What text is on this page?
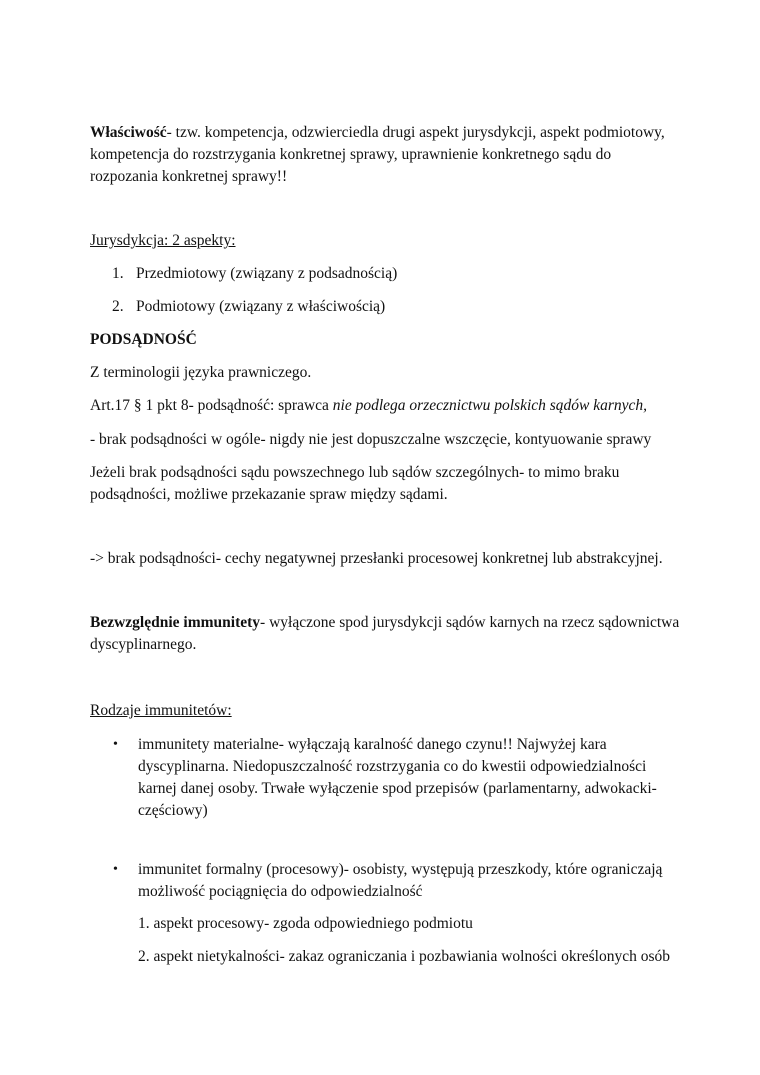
Właściwość- tzw. kompetencja, odzwierciedla drugi aspekt jurysdykcji, aspekt podmiotowy, kompetencja do rozstrzygania konkretnej sprawy, uprawnienie konkretnego sądu do rozpozania konkretnej sprawy!!

Jurysdykcja: 2 aspekty:

1. Przedmiotowy (związany z podsadnością)
2. Podmiotowy (związany z właściwością)

PODSĄDNOŚĆ

Z terminologii języka prawniczego.

Art.17 § 1 pkt 8- podsądność: sprawca nie podlega orzecznictwu polskich sądów karnych,

- brak podsądności w ogóle- nigdy nie jest dopuszczalne wszczęcie, kontyuowanie sprawy

Jeżeli brak podsądności sądu powszechnego lub sądów szczególnych- to mimo braku podsądności, możliwe przekazanie spraw między sądami.

-> brak podsądności- cechy negatywnej przesłanki procesowej konkretnej lub abstrakcyjnej.

Bezwzględnie immunitety- wyłączone spod jurysdykcji sądów karnych na rzecz sądownictwa dyscyplinarnego.

Rodzaje immunitetów:

•	immunitety materialne- wyłączają karalność danego czynu!! Najwyżej kara dyscyplinarna. Niedopuszczalność rozstrzygania co do kwestii odpowiedzialności karnej danej osoby. Trwałe wyłączenie spod przepisów (parlamentarny, adwokacki- częściowy)
•	immunitet formalny (procesowy)- osobisty, występują przeszkody, które ograniczają możliwość pociągnięcia do odpowiedzialność
1. aspekt procesowy- zgoda odpowiedniego podmiotu
2. aspekt nietykalności- zakaz ograniczania i pozbawiania wolności określonych osób
